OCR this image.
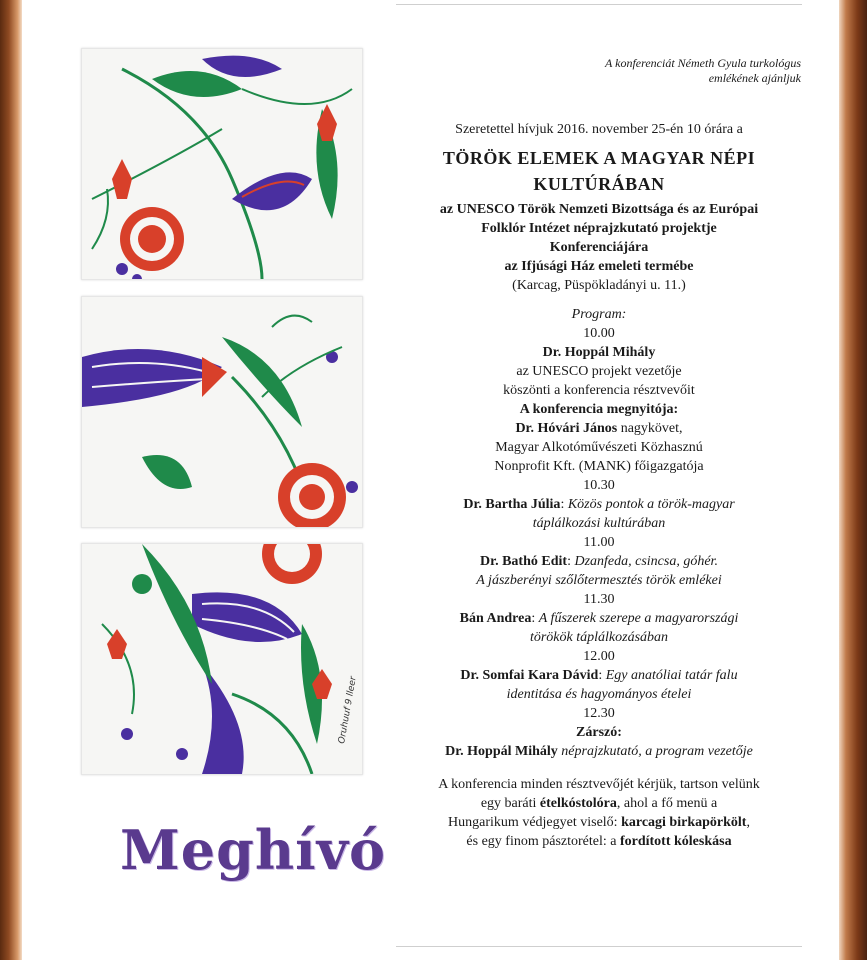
Oruhuuf 9 lleer
Meghívó
A konferenciát Németh Gyula turkológus
emlékének ajánljuk

Szeretettel hívjuk 2016. november 25-én 10 órára a

TÖRÖK ELEMEK A MAGYAR NÉPI

KULTÚRÁBAN

az UNESCO Török Nemzeti Bizottsága és az Európai

Folklór Intézet néprajzkutató projektje

Konferenciájára

az Ifjúsági Ház emeleti termébe

(Karcag, Püspökladányi u. 11.)

Program:

10.00

Dr. Hoppál Mihály

az UNESCO projekt vezetője

köszönti a konferencia résztvevőit

A konferencia megnyitója:

Dr. Hóvári János nagykövet,

Magyar Alkotóművészeti Közhasznú

Nonprofit Kft. (MANK) főigazgatója

10.30

Dr. Bartha Júlia: Közös pontok a török-magyar

táplálkozási kultúrában

11.00

Dr. Bathó Edit: Dzanfeda, csincsa, góhér.

A jászberényi szőlőtermesztés török emlékei

11.30

Bán Andrea: A fűszerek szerepe a magyarországi

törökök táplálkozásában

12.00

Dr. Somfai Kara Dávid: Egy anatóliai tatár falu

identitása és hagyományos ételei

12.30

Zárszó:

Dr. Hoppál Mihály néprajzkutató, a program vezetője

A konferencia minden résztvevőjét kérjük, tartson velünk

egy baráti ételkóstolóra, ahol a fő menü a

Hungarikum védjegyet viselő: karcagi birkapörkölt,

és egy finom pásztorétel: a fordított kóleskása
